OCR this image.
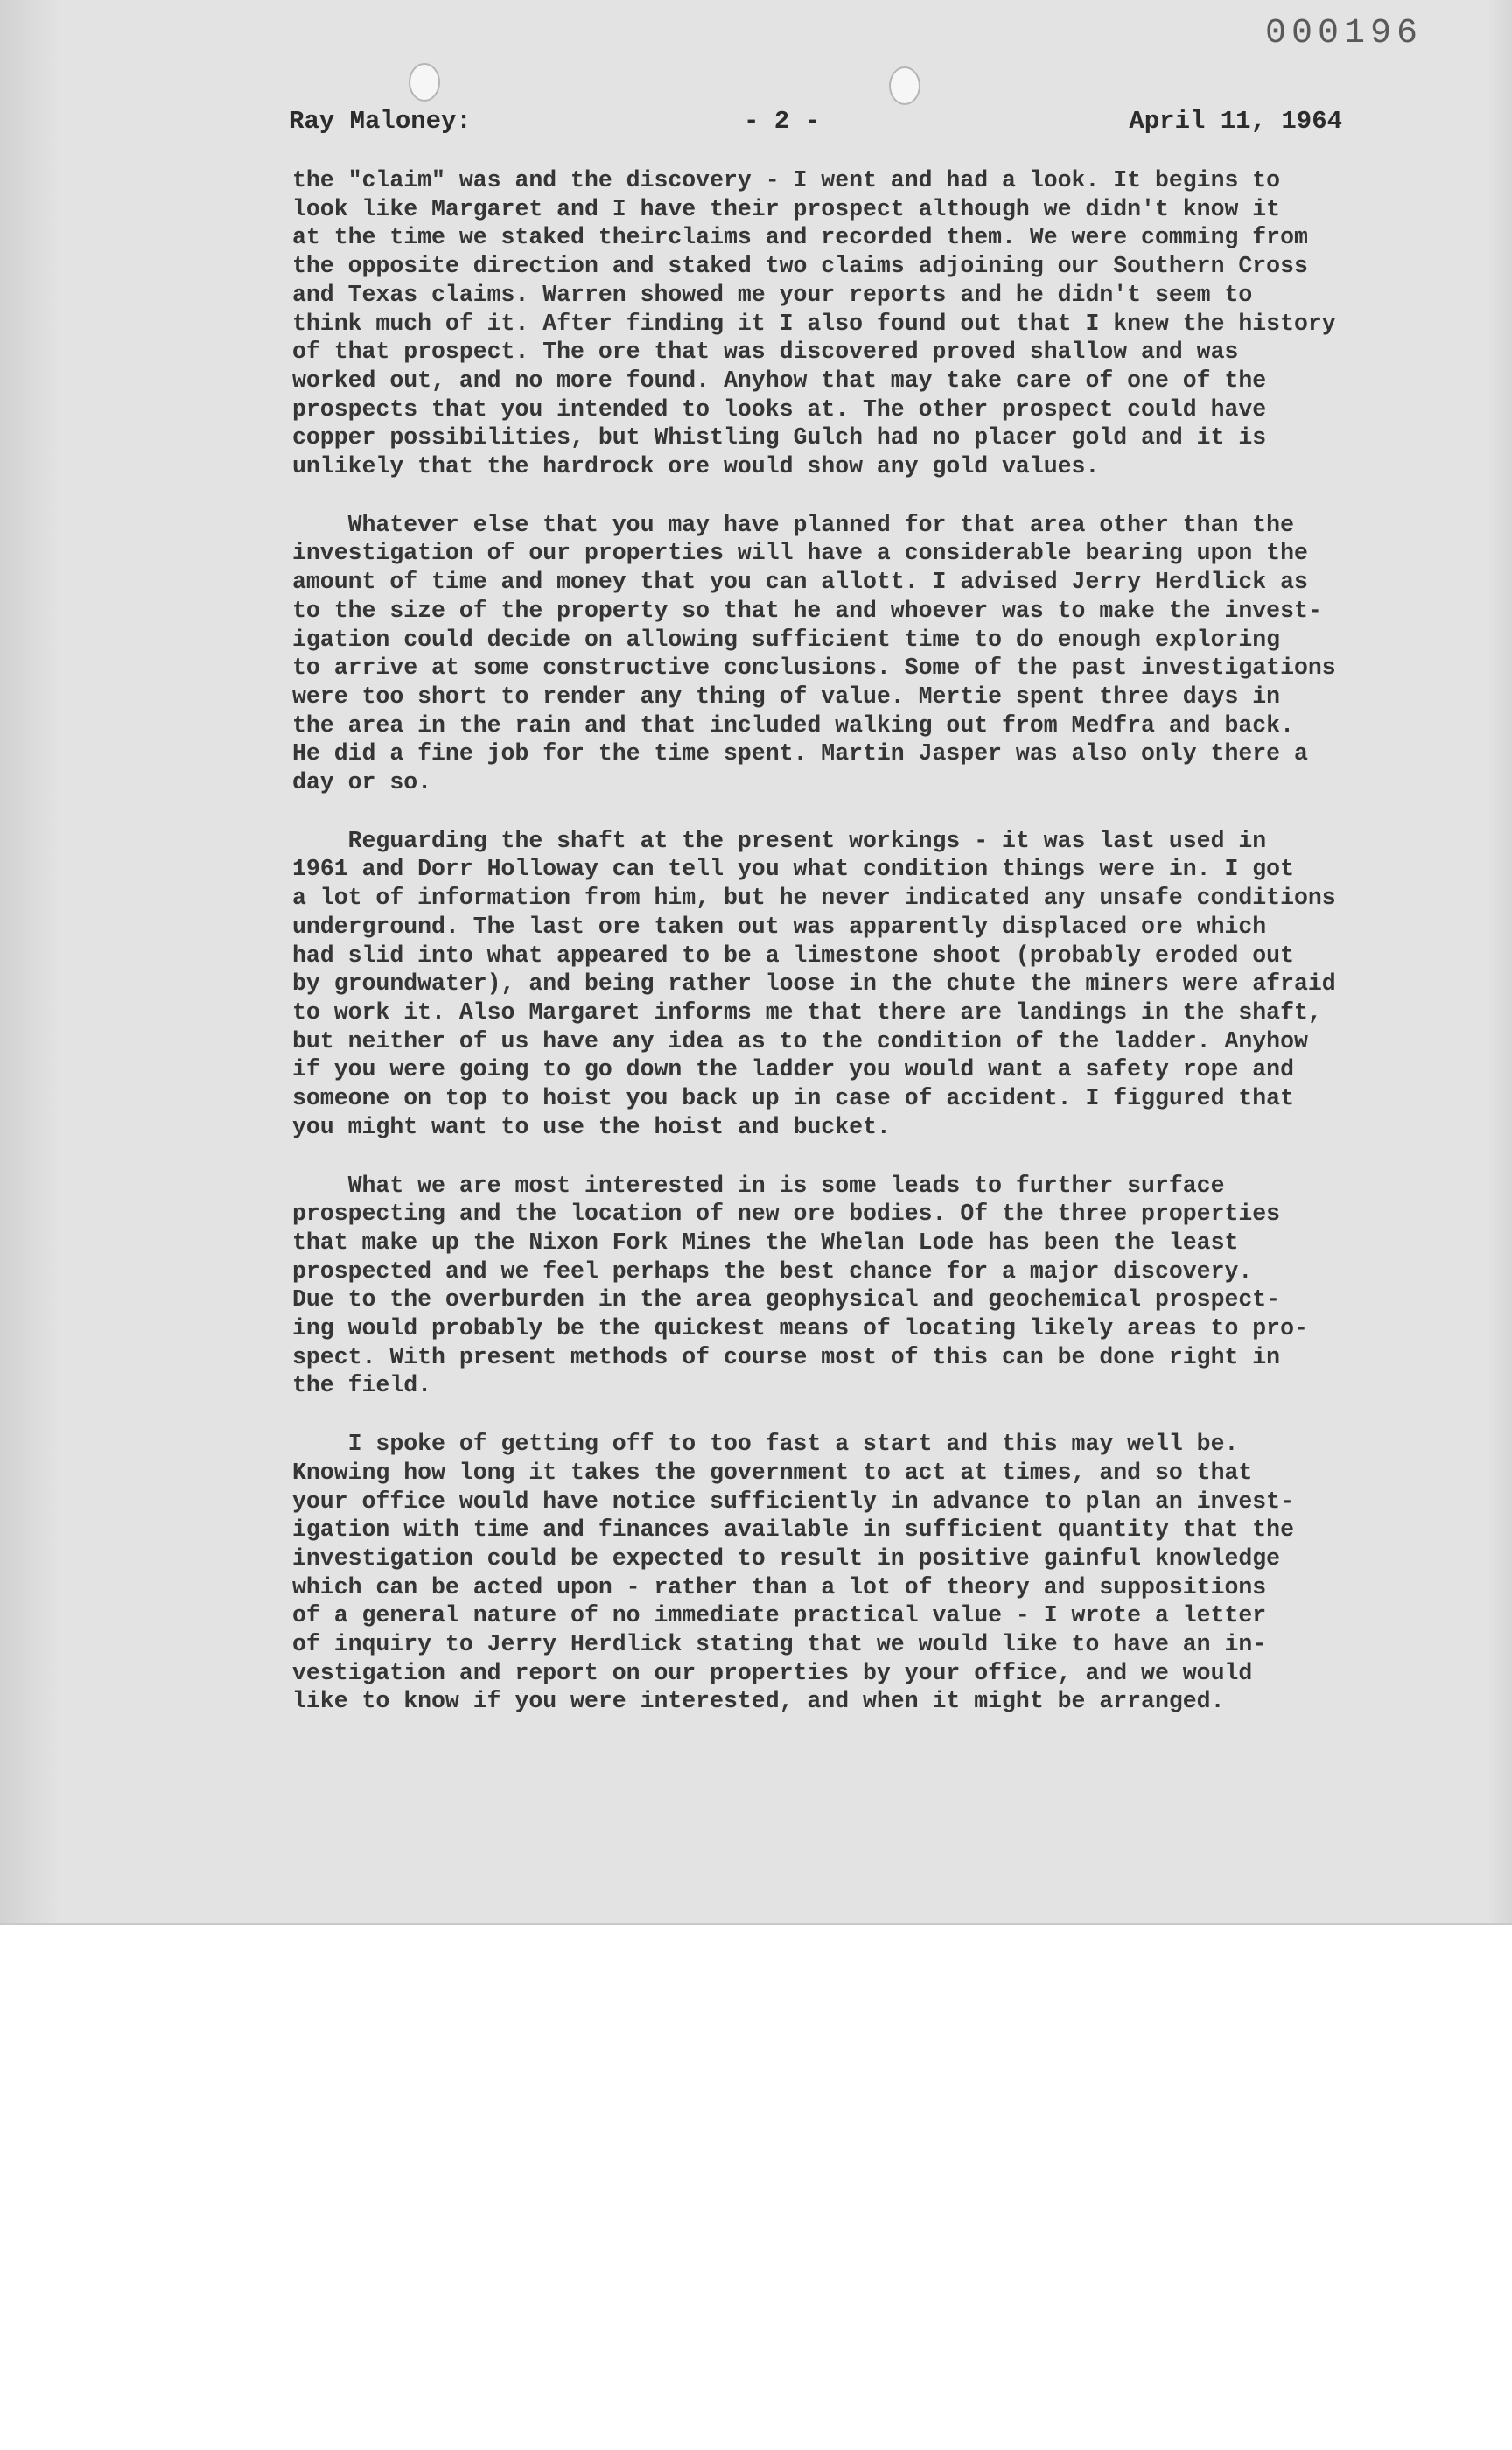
000196
Ray Maloney:	- 2 -	April 11, 1964

the "claim" was and the discovery - I went and had a look. It begins to
look like Margaret and I have their prospect although we didn't know it
at the time we staked theirclaims and recorded them. We were comming from
the opposite direction and staked two claims adjoining our Southern Cross
and Texas claims. Warren showed me your reports and he didn't seem to
think much of it. After finding it I also found out that I knew the history
of that prospect. The ore that was discovered proved shallow and was
worked out, and no more found. Anyhow that may take care of one of the
prospects that you intended to looks at. The other prospect could have
copper possibilities, but Whistling Gulch had no placer gold and it is
unlikely that the hardrock ore would show any gold values.

Whatever else that you may have planned for that area other than the
investigation of our properties will have a considerable bearing upon the
amount of time and money that you can allott. I advised Jerry Herdlick as
to the size of the property so that he and whoever was to make the invest-
igation could decide on allowing sufficient time to do enough exploring
to arrive at some constructive conclusions. Some of the past investigations
were too short to render any thing of value. Mertie spent three days in
the area in the rain and that included walking out from Medfra and back.
He did a fine job for the time spent. Martin Jasper was also only there a
day or so.

Reguarding the shaft at the present workings - it was last used in
1961 and Dorr Holloway can tell you what condition things were in. I got
a lot of information from him, but he never indicated any unsafe conditions
underground. The last ore taken out was apparently displaced ore which
had slid into what appeared to be a limestone shoot (probably eroded out
by groundwater), and being rather loose in the chute the miners were afraid
to work it. Also Margaret informs me that there are landings in the shaft,
but neither of us have any idea as to the condition of the ladder. Anyhow
if you were going to go down the ladder you would want a safety rope and
someone on top to hoist you back up in case of accident. I figgured that
you might want to use the hoist and bucket.

What we are most interested in is some leads to further surface
prospecting and the location of new ore bodies. Of the three properties
that make up the Nixon Fork Mines the Whelan Lode has been the least
prospected and we feel perhaps the best chance for a major discovery.
Due to the overburden in the area geophysical and geochemical prospect-
ing would probably be the quickest means of locating likely areas to pro-
spect. With present methods of course most of this can be done right in
the field.

I spoke of getting off to too fast a start and this may well be.
Knowing how long it takes the government to act at times, and so that
your office would have notice sufficiently in advance to plan an invest-
igation with time and finances available in sufficient quantity that the
investigation could be expected to result in positive gainful knowledge
which can be acted upon - rather than a lot of theory and suppositions
of a general nature of no immediate practical value - I wrote a letter
of inquiry to Jerry Herdlick stating that we would like to have an in-
vestigation and report on our properties by your office, and we would
like to know if you were interested, and when it might be arranged.
